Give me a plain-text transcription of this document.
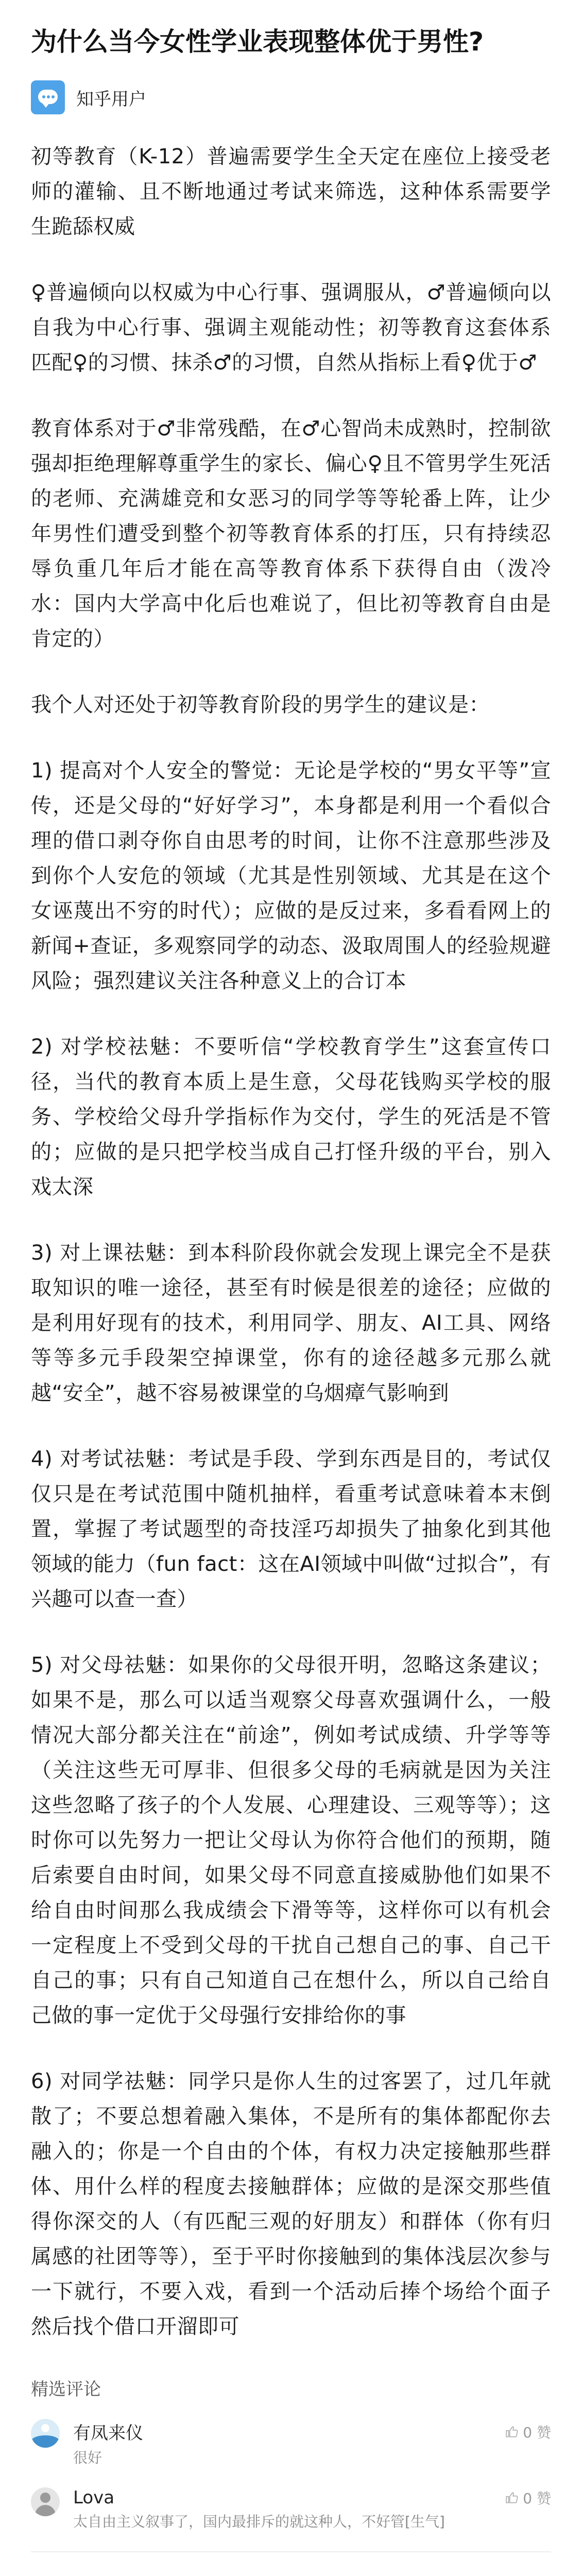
为什么当今女性学业表现整体优于男性?
知乎用户

初等教育（K-12）普遍需要学生全天定在座位上接受老师的灌输、且不断地通过考试来筛选，这种体系需要学生跪舔权威

♀普遍倾向以权威为中心行事、强调服从，♂普遍倾向以自我为中心行事、强调主观能动性；初等教育这套体系匹配♀的习惯、抹杀♂的习惯，自然从指标上看♀优于♂

教育体系对于♂非常残酷，在♂心智尚未成熟时，控制欲强却拒绝理解尊重学生的家长、偏心♀且不管男学生死活的老师、充满雄竞和女恶习的同学等等轮番上阵，让少年男性们遭受到整个初等教育体系的打压，只有持续忍辱负重几年后才能在高等教育体系下获得自由（泼冷水：国内大学高中化后也难说了，但比初等教育自由是肯定的）

我个人对还处于初等教育阶段的男学生的建议是：

1) 提高对个人安全的警觉：无论是学校的“男女平等”宣传，还是父母的“好好学习”，本身都是利用一个看似合理的借口剥夺你自由思考的时间，让你不注意那些涉及到你个人安危的领域（尤其是性别领域、尤其是在这个女诬蔑出不穷的时代）；应做的是反过来，多看看网上的新闻+查证，多观察同学的动态、汲取周围人的经验规避风险；强烈建议关注各种意义上的合订本

2) 对学校祛魅：不要听信“学校教育学生”这套宣传口径，当代的教育本质上是生意，父母花钱购买学校的服务、学校给父母升学指标作为交付，学生的死活是不管的；应做的是只把学校当成自己打怪升级的平台，别入戏太深

3) 对上课祛魅：到本科阶段你就会发现上课完全不是获取知识的唯一途径，甚至有时候是很差的途径；应做的是利用好现有的技术，利用同学、朋友、AI工具、网络等等多元手段架空掉课堂，你有的途径越多元那么就越“安全”，越不容易被课堂的乌烟瘴气影响到

4) 对考试祛魅：考试是手段、学到东西是目的，考试仅仅只是在考试范围中随机抽样，看重考试意味着本末倒置，掌握了考试题型的奇技淫巧却损失了抽象化到其他领域的能力（fun fact：这在AI领域中叫做“过拟合”，有兴趣可以查一查）

5) 对父母祛魅：如果你的父母很开明，忽略这条建议；如果不是，那么可以适当观察父母喜欢强调什么，一般情况大部分都关注在“前途”，例如考试成绩、升学等等（关注这些无可厚非、但很多父母的毛病就是因为关注这些忽略了孩子的个人发展、心理建设、三观等等）；这时你可以先努力一把让父母认为你符合他们的预期，随后索要自由时间，如果父母不同意直接威胁他们如果不给自由时间那么我成绩会下滑等等，这样你可以有机会一定程度上不受到父母的干扰自己想自己的事、自己干自己的事；只有自己知道自己在想什么，所以自己给自己做的事一定优于父母强行安排给你的事

6) 对同学祛魅：同学只是你人生的过客罢了，过几年就散了；不要总想着融入集体，不是所有的集体都配你去融入的；你是一个自由的个体，有权力决定接触那些群体、用什么样的程度去接触群体；应做的是深交那些值得你深交的人（有匹配三观的好朋友）和群体（你有归属感的社团等等），至于平时你接触到的集体浅层次参与一下就行，不要入戏，看到一个活动后捧个场给个面子然后找个借口开溜即可

精选评论
有凤来仪	0 赞
很好
Lova	0 赞
太自由主义叙事了，国内最排斥的就这种人，不好管[生气]
